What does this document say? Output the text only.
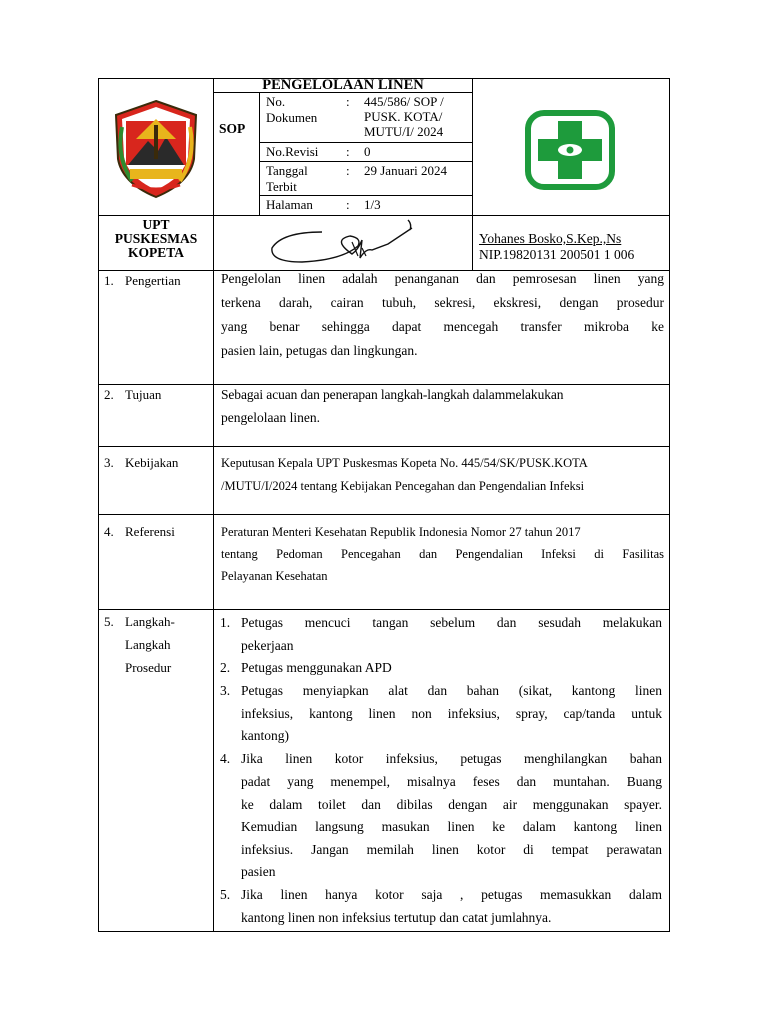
PENGELOLAAN LINEN
SOP
No. Dokumen
: 445/586/ SOP /
PUSK. KOTA/
MUTU/I/ 2024
No.Revisi : 0
Tanggal Terbit
: 29 Januari 2024
Halaman	: 1/3
UPT
PUSKESMAS
KOPETA
Yohanes Bosko,S.Kep.,Ns
NIP.19820131 200501 1 006
1. Pengertian	Pengelolan linen adalah penanganan dan pemrosesan linen yang
terkena darah, cairan tubuh, sekresi, ekskresi, dengan prosedur
yang benar sehingga dapat mencegah transfer mikroba ke
pasien lain, petugas dan lingkungan.
2. Tujuan	Sebagai acuan dan penerapan langkah-langkah dalammelakukan
pengelolaan linen.
3. Kebijakan	Keputusan Kepala UPT Puskesmas Kopeta No. 445/54/SK/PUSK.KOTA
/MUTU/I/2024 tentang Kebijakan Pencegahan dan Pengendalian Infeksi
4. Referensi	Peraturan Menteri Kesehatan Republik Indonesia Nomor 27 tahun 2017
tentang Pedoman Pencegahan dan Pengendalian Infeksi di Fasilitas
Pelayanan Kesehatan
5. Langkah-
Langkah
Prosedur
1. Petugas mencuci tangan sebelum dan sesudah melakukan
pekerjaan
2. Petugas menggunakan APD
3. Petugas menyiapkan alat dan bahan (sikat, kantong linen
infeksius, kantong linen non infeksius, spray, cap/tanda untuk
kantong)
4. Jika linen kotor infeksius, petugas menghilangkan bahan
padat yang menempel, misalnya feses dan muntahan. Buang
ke dalam toilet dan dibilas dengan air menggunakan spayer.
Kemudian langsung masukan linen ke dalam kantong linen
infeksius. Jangan memilah linen kotor di tempat perawatan
pasien
5. Jika linen hanya kotor saja , petugas memasukkan dalam
kantong linen non infeksius tertutup dan catat jumlahnya.
